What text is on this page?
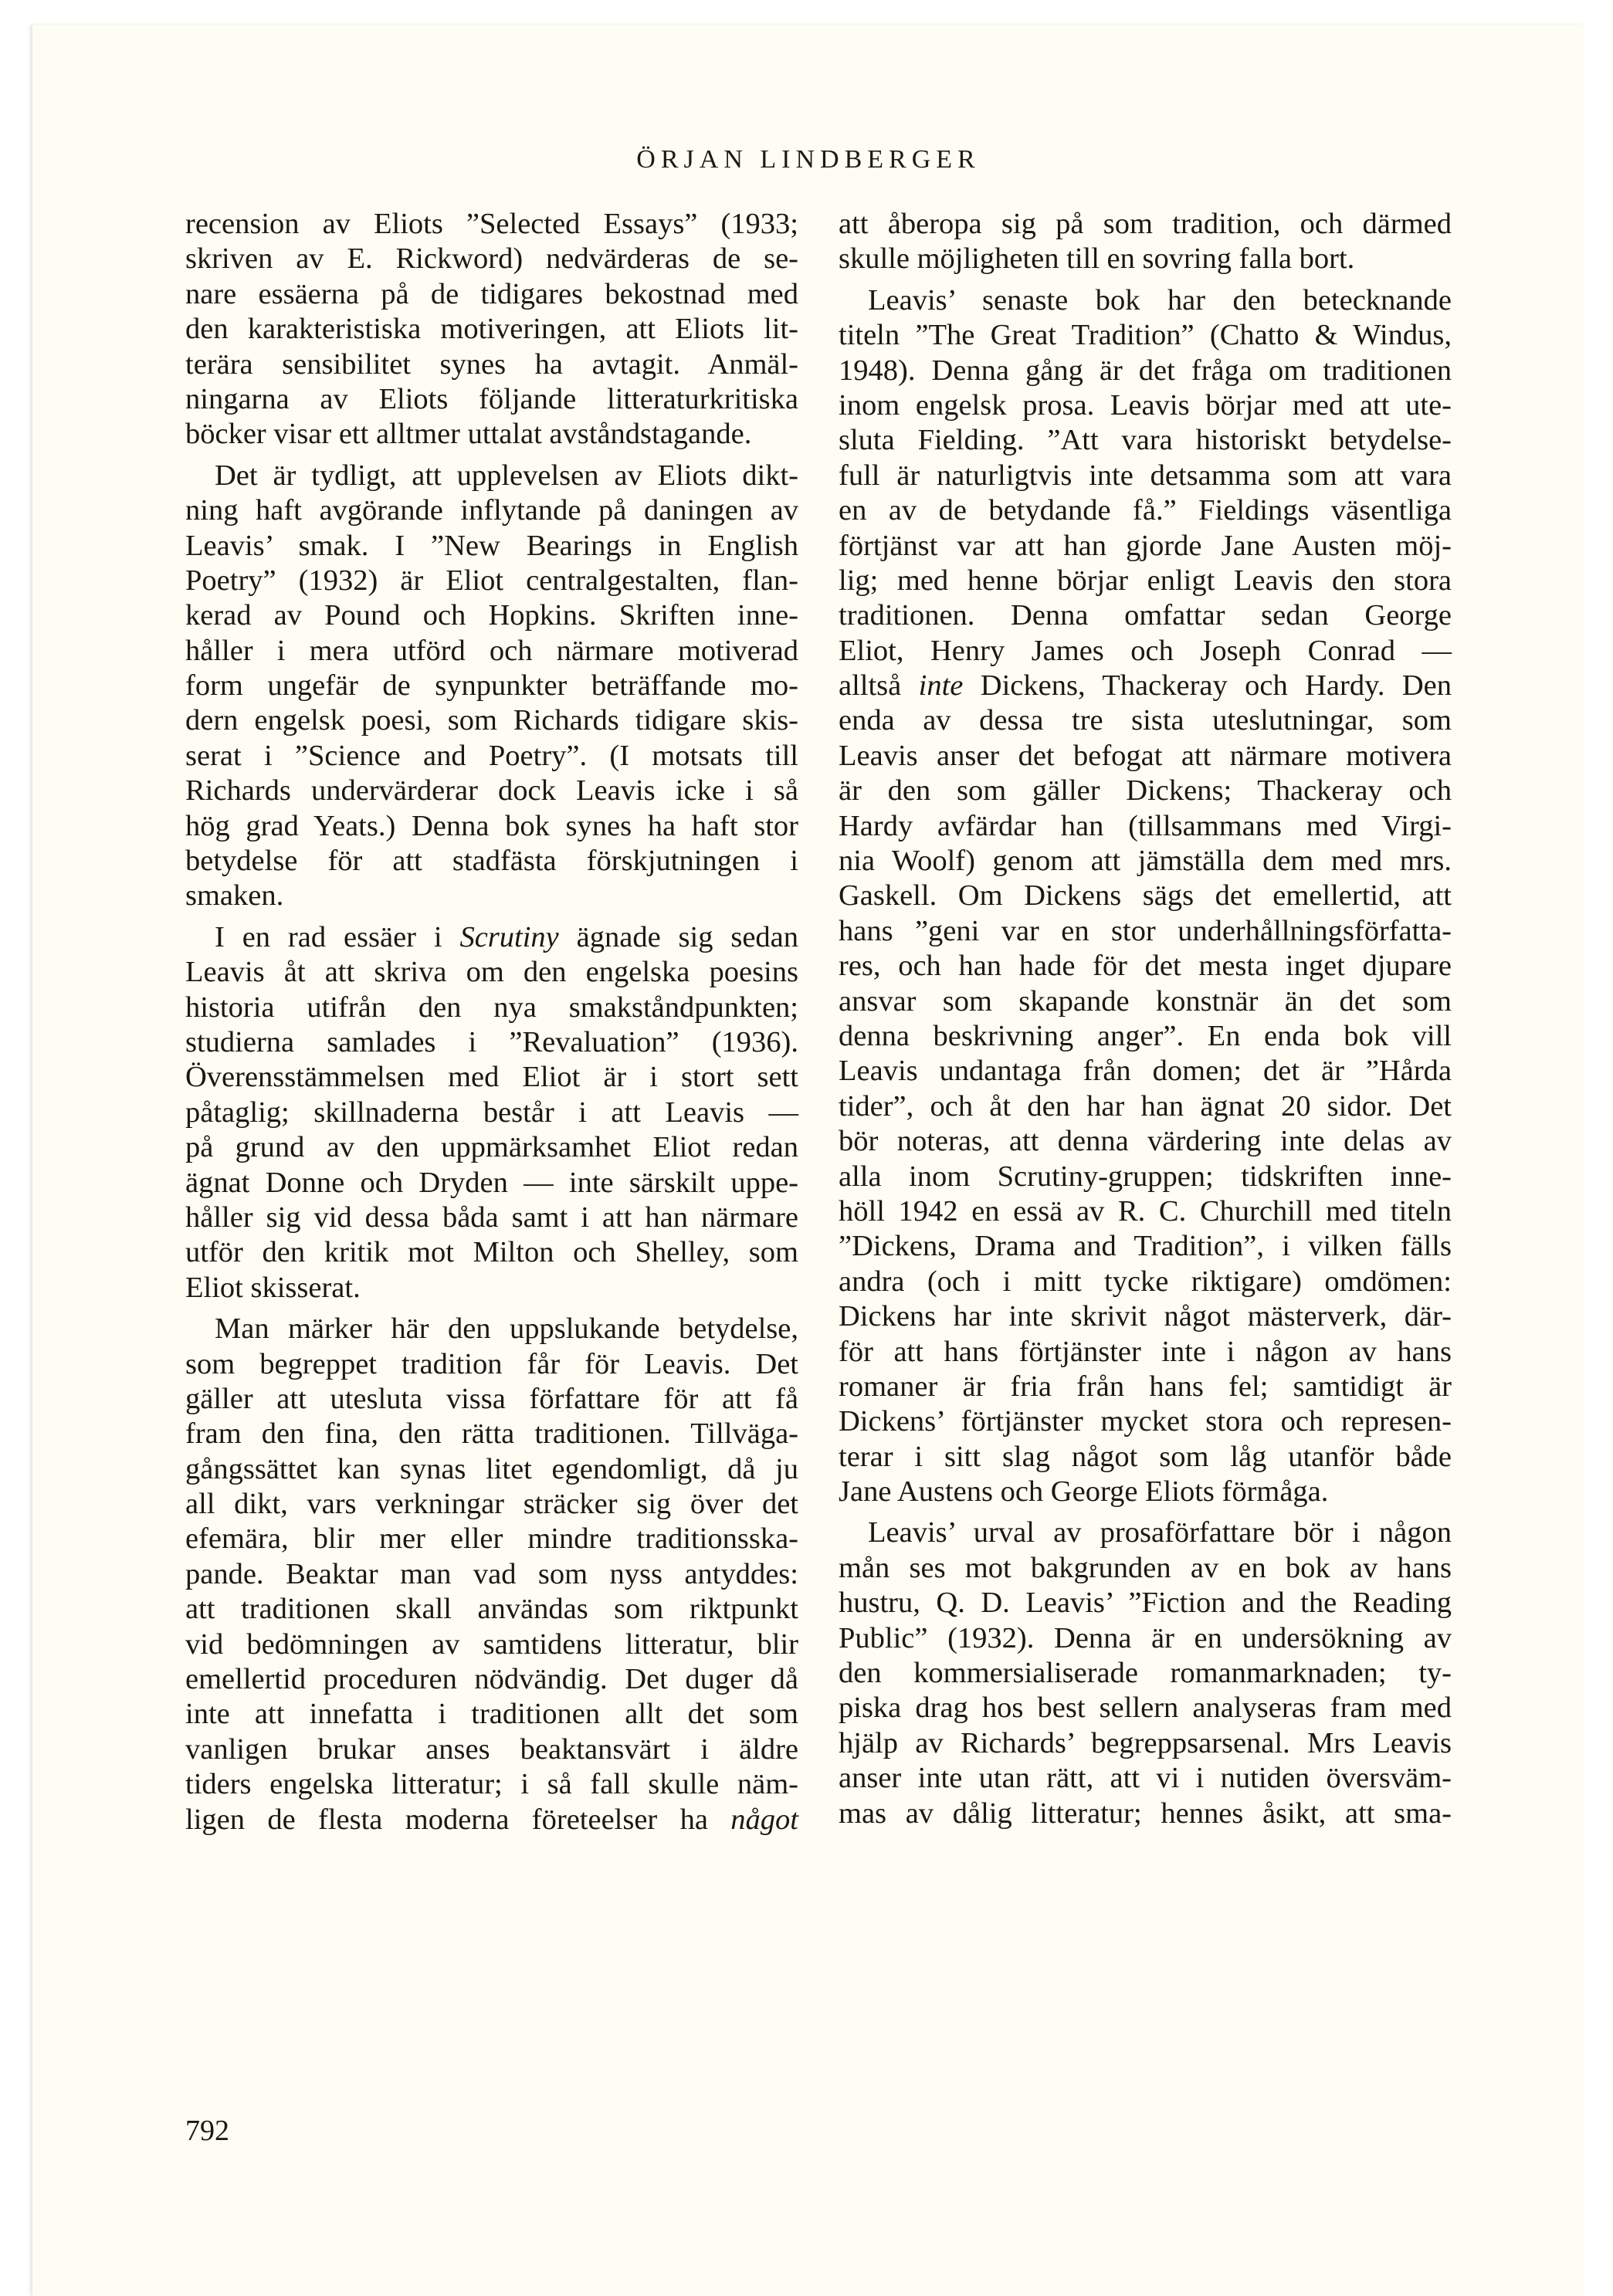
ÖRJAN LINDBERGER
recension av Eliots ”Selected Essays” (1933;
skriven av E. Rickword) nedvärderas de se-
nare essäerna på de tidigares bekostnad med
den karakteristiska motiveringen, att Eliots lit-
terära sensibilitet synes ha avtagit. Anmäl-
ningarna av Eliots följande litteraturkritiska
böcker visar ett alltmer uttalat avståndstagande.
Det är tydligt, att upplevelsen av Eliots dikt-
ning haft avgörande inflytande på daningen av
Leavis’ smak. I ”New Bearings in English
Poetry” (1932) är Eliot centralgestalten, flan-
kerad av Pound och Hopkins. Skriften inne-
håller i mera utförd och närmare motiverad
form ungefär de synpunkter beträffande mo-
dern engelsk poesi, som Richards tidigare skis-
serat i ”Science and Poetry”. (I motsats till
Richards undervärderar dock Leavis icke i så
hög grad Yeats.) Denna bok synes ha haft stor
betydelse för att stadfästa förskjutningen i
smaken.
I en rad essäer i Scrutiny ägnade sig sedan
Leavis åt att skriva om den engelska poesins
historia utifrån den nya smakståndpunkten;
studierna samlades i ”Revaluation” (1936).
Överensstämmelsen med Eliot är i stort sett
påtaglig; skillnaderna består i att Leavis —
på grund av den uppmärksamhet Eliot redan
ägnat Donne och Dryden — inte särskilt uppe-
håller sig vid dessa båda samt i att han närmare
utför den kritik mot Milton och Shelley, som
Eliot skisserat.
Man märker här den uppslukande betydelse,
som begreppet tradition får för Leavis. Det
gäller att utesluta vissa författare för att få
fram den fina, den rätta traditionen. Tillväga-
gångssättet kan synas litet egendomligt, då ju
all dikt, vars verkningar sträcker sig över det
efemära, blir mer eller mindre traditionsska-
pande. Beaktar man vad som nyss antyddes:
att traditionen skall användas som riktpunkt
vid bedömningen av samtidens litteratur, blir
emellertid proceduren nödvändig. Det duger då
inte att innefatta i traditionen allt det som
vanligen brukar anses beaktansvärt i äldre
tiders engelska litteratur; i så fall skulle näm-
ligen de flesta moderna företeelser ha något
att åberopa sig på som tradition, och därmed
skulle möjligheten till en sovring falla bort.
Leavis’ senaste bok har den betecknande
titeln ”The Great Tradition” (Chatto & Windus,
1948). Denna gång är det fråga om traditionen
inom engelsk prosa. Leavis börjar med att ute-
sluta Fielding. ”Att vara historiskt betydelse-
full är naturligtvis inte detsamma som att vara
en av de betydande få.” Fieldings väsentliga
förtjänst var att han gjorde Jane Austen möj-
lig; med henne börjar enligt Leavis den stora
traditionen. Denna omfattar sedan George
Eliot, Henry James och Joseph Conrad —
alltså inte Dickens, Thackeray och Hardy. Den
enda av dessa tre sista uteslutningar, som
Leavis anser det befogat att närmare motivera
är den som gäller Dickens; Thackeray och
Hardy avfärdar han (tillsammans med Virgi-
nia Woolf) genom att jämställa dem med mrs.
Gaskell. Om Dickens sägs det emellertid, att
hans ”geni var en stor underhållningsförfatta-
res, och han hade för det mesta inget djupare
ansvar som skapande konstnär än det som
denna beskrivning anger”. En enda bok vill
Leavis undantaga från domen; det är ”Hårda
tider”, och åt den har han ägnat 20 sidor. Det
bör noteras, att denna värdering inte delas av
alla inom Scrutiny-gruppen; tidskriften inne-
höll 1942 en essä av R. C. Churchill med titeln
”Dickens, Drama and Tradition”, i vilken fälls
andra (och i mitt tycke riktigare) omdömen:
Dickens har inte skrivit något mästerverk, där-
för att hans förtjänster inte i någon av hans
romaner är fria från hans fel; samtidigt är
Dickens’ förtjänster mycket stora och represen-
terar i sitt slag något som låg utanför både
Jane Austens och George Eliots förmåga.
Leavis’ urval av prosaförfattare bör i någon
mån ses mot bakgrunden av en bok av hans
hustru, Q. D. Leavis’ ”Fiction and the Reading
Public” (1932). Denna är en undersökning av
den kommersialiserade romanmarknaden; ty-
piska drag hos best sellern analyseras fram med
hjälp av Richards’ begreppsarsenal. Mrs Leavis
anser inte utan rätt, att vi i nutiden översväm-
mas av dålig litteratur; hennes åsikt, att sma-
792
